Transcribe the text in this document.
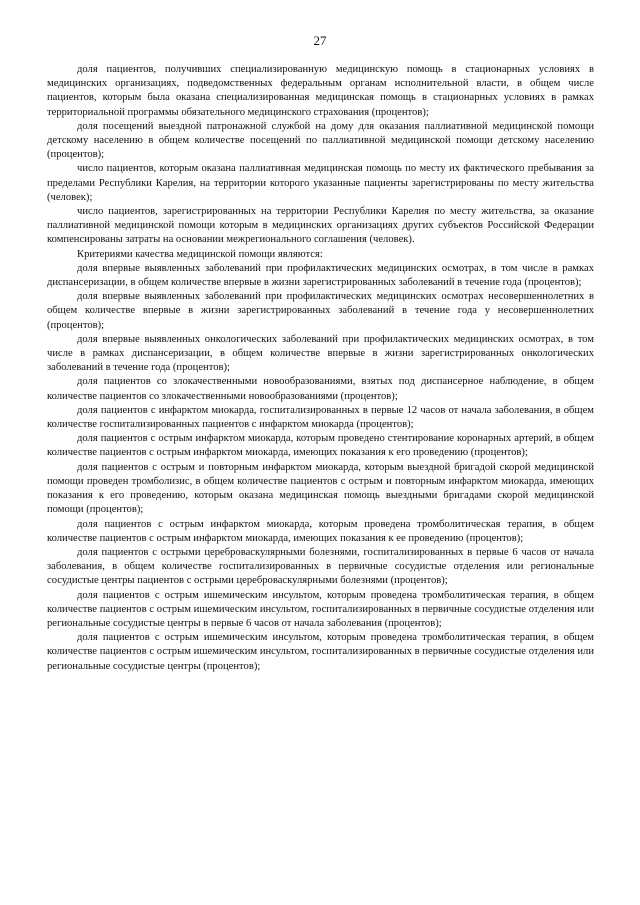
27

доля пациентов, получивших специализированную медицинскую помощь в стационарных условиях в медицинских организациях, подведомственных федеральным органам исполнительной власти, в общем числе пациентов, которым была оказана специализированная медицинская помощь в стационарных условиях в рамках территориальной программы обязательного медицинского страхования (процентов);

доля посещений выездной патронажной службой на дому для оказания паллиативной медицинской помощи детскому населению в общем количестве посещений по паллиативной медицинской помощи детскому населению (процентов);

число пациентов, которым оказана паллиативная медицинская помощь по месту их фактического пребывания за пределами Республики Карелия, на территории которого указанные пациенты зарегистрированы по месту жительства (человек);

число пациентов, зарегистрированных на территории Республики Карелия по месту жительства, за оказание паллиативной медицинской помощи которым в медицинских организациях других субъектов Российской Федерации компенсированы затраты на основании межрегионального соглашения (человек).

Критериями качества медицинской помощи являются:

доля впервые выявленных заболеваний при профилактических медицинских осмотрах, в том числе в рамках диспансеризации, в общем количестве впервые в жизни зарегистрированных заболеваний в течение года (процентов);

доля впервые выявленных заболеваний при профилактических медицинских осмотрах несовершеннолетних в общем количестве впервые в жизни зарегистрированных заболеваний в течение года у несовершеннолетних (процентов);

доля впервые выявленных онкологических заболеваний при профилактических медицинских осмотрах, в том числе в рамках диспансеризации, в общем количестве впервые в жизни зарегистрированных онкологических заболеваний в течение года (процентов);

доля пациентов со злокачественными новообразованиями, взятых под диспансерное наблюдение, в общем количестве пациентов со злокачественными новообразованиями (процентов);

доля пациентов с инфарктом миокарда, госпитализированных в первые 12 часов от начала заболевания, в общем количестве госпитализированных пациентов с инфарктом миокарда (процентов);

доля пациентов с острым инфарктом миокарда, которым проведено стентирование коронарных артерий, в общем количестве пациентов с острым инфарктом миокарда, имеющих показания к его проведению (процентов);

доля пациентов с острым и повторным инфарктом миокарда, которым выездной бригадой скорой медицинской помощи проведен тромболизис, в общем количестве пациентов с острым и повторным инфарктом миокарда, имеющих показания к его проведению, которым оказана медицинская помощь выездными бригадами скорой медицинской помощи (процентов);

доля пациентов с острым инфарктом миокарда, которым проведена тромболитическая терапия, в общем количестве пациентов с острым инфарктом миокарда, имеющих показания к ее проведению (процентов);

доля пациентов с острыми цереброваскулярными болезнями, госпитализированных в первые 6 часов от начала заболевания, в общем количестве госпитализированных в первичные сосудистые отделения или региональные сосудистые центры пациентов с острыми цереброваскулярными болезнями (процентов);

доля пациентов с острым ишемическим инсультом, которым проведена тромболитическая терапия, в общем количестве пациентов с острым ишемическим инсультом, госпитализированных в первичные сосудистые отделения или региональные сосудистые центры в первые 6 часов от начала заболевания (процентов);

доля пациентов с острым ишемическим инсультом, которым проведена тромболитическая терапия, в общем количестве пациентов с острым ишемическим инсультом, госпитализированных в первичные сосудистые отделения или региональные сосудистые центры (процентов);
